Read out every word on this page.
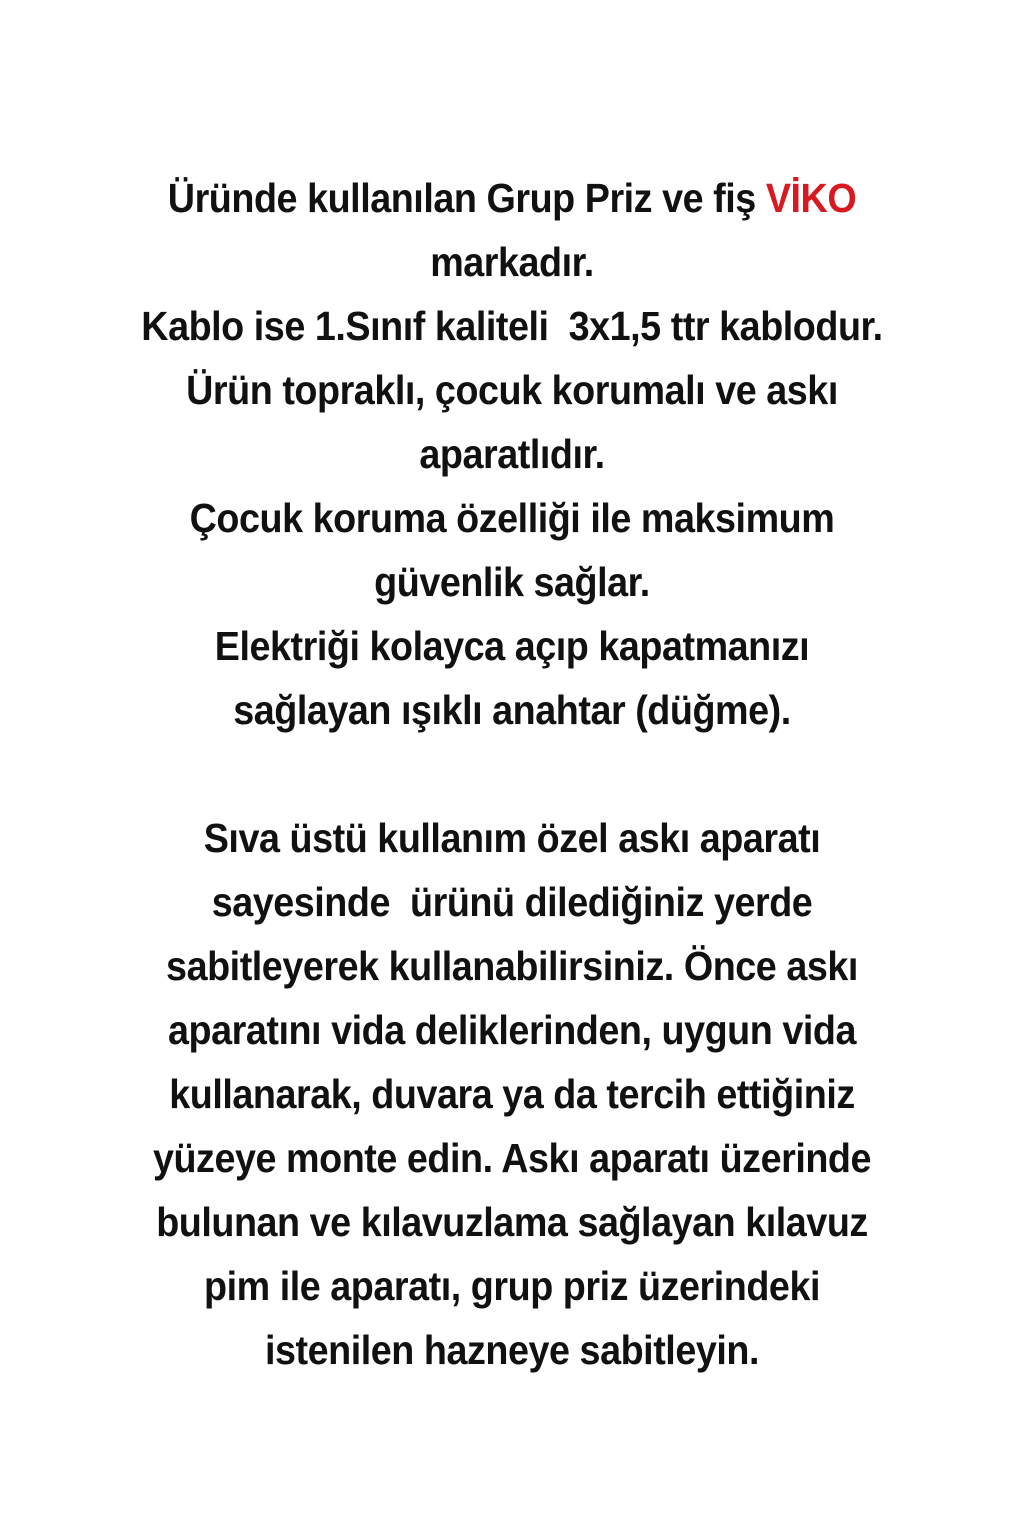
Üründe kullanılan Grup Priz ve fiş VİKO
markadır.
Kablo ise 1.Sınıf kaliteli  3x1,5 ttr kablodur.
Ürün topraklı, çocuk korumalı ve askı
aparatlıdır.
Çocuk koruma özelliği ile maksimum
güvenlik sağlar.
Elektriği kolayca açıp kapatmanızı
sağlayan ışıklı anahtar (düğme).
Sıva üstü kullanım özel askı aparatı
sayesinde  ürünü dilediğiniz yerde
sabitleyerek kullanabilirsiniz. Önce askı
aparatını vida deliklerinden, uygun vida
kullanarak, duvara ya da tercih ettiğiniz
yüzeye monte edin. Askı aparatı üzerinde
bulunan ve kılavuzlama sağlayan kılavuz
pim ile aparatı, grup priz üzerindeki
istenilen hazneye sabitleyin.
